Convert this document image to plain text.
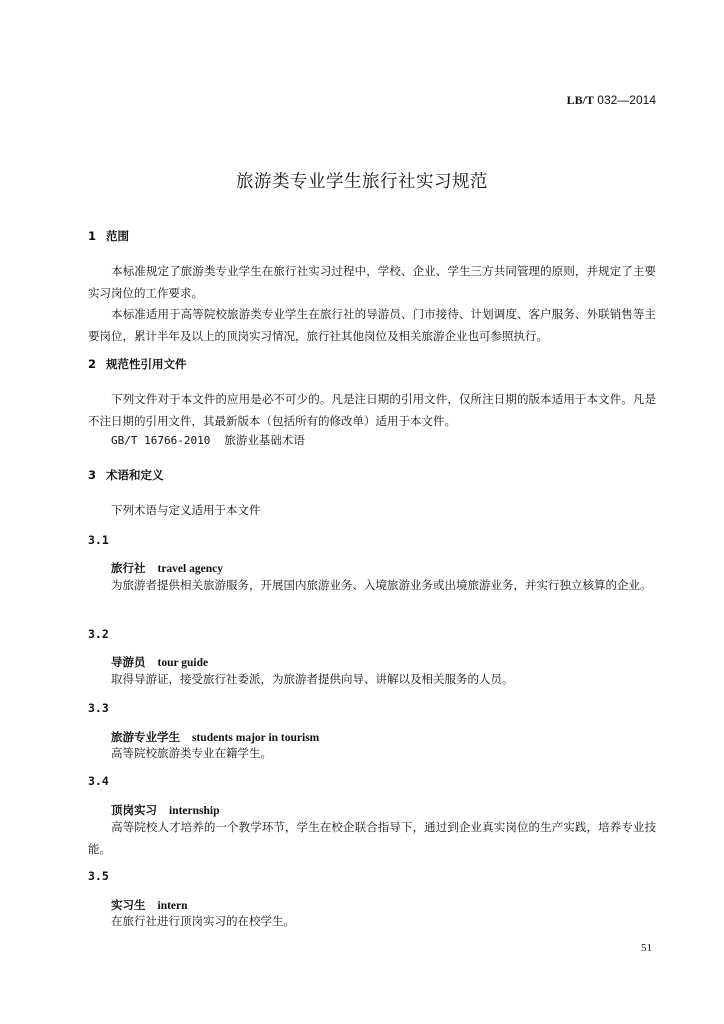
LB/T 032—2014
旅游类专业学生旅行社实习规范
1 范围
本标准规定了旅游类专业学生在旅行社实习过程中，学校、企业、学生三方共同管理的原则，并规定了主要实习岗位的工作要求。
本标准适用于高等院校旅游类专业学生在旅行社的导游员、门市接待、计划调度、客户服务、外联销售等主要岗位，累计半年及以上的顶岗实习情况，旅行社其他岗位及相关旅游企业也可参照执行。
2 规范性引用文件
下列文件对于本文件的应用是必不可少的。凡是注日期的引用文件，仅所注日期的版本适用于本文件。凡是不注日期的引用文件，其最新版本（包括所有的修改单）适用于本文件。
GB/T 16766-2010 旅游业基础术语
3 术语和定义
下列术语与定义适用于本文件
3.1
旅行社 travel agency
为旅游者提供相关旅游服务，开展国内旅游业务、入境旅游业务或出境旅游业务，并实行独立核算的企业。
3.2
导游员 tour guide
取得导游证，接受旅行社委派，为旅游者提供向导、讲解以及相关服务的人员。
3.3
旅游专业学生 students major in tourism
高等院校旅游类专业在籍学生。
3.4
顶岗实习 internship
高等院校人才培养的一个教学环节，学生在校企联合指导下，通过到企业真实岗位的生产实践，培养专业技能。
3.5
实习生 intern
在旅行社进行顶岗实习的在校学生。
51
